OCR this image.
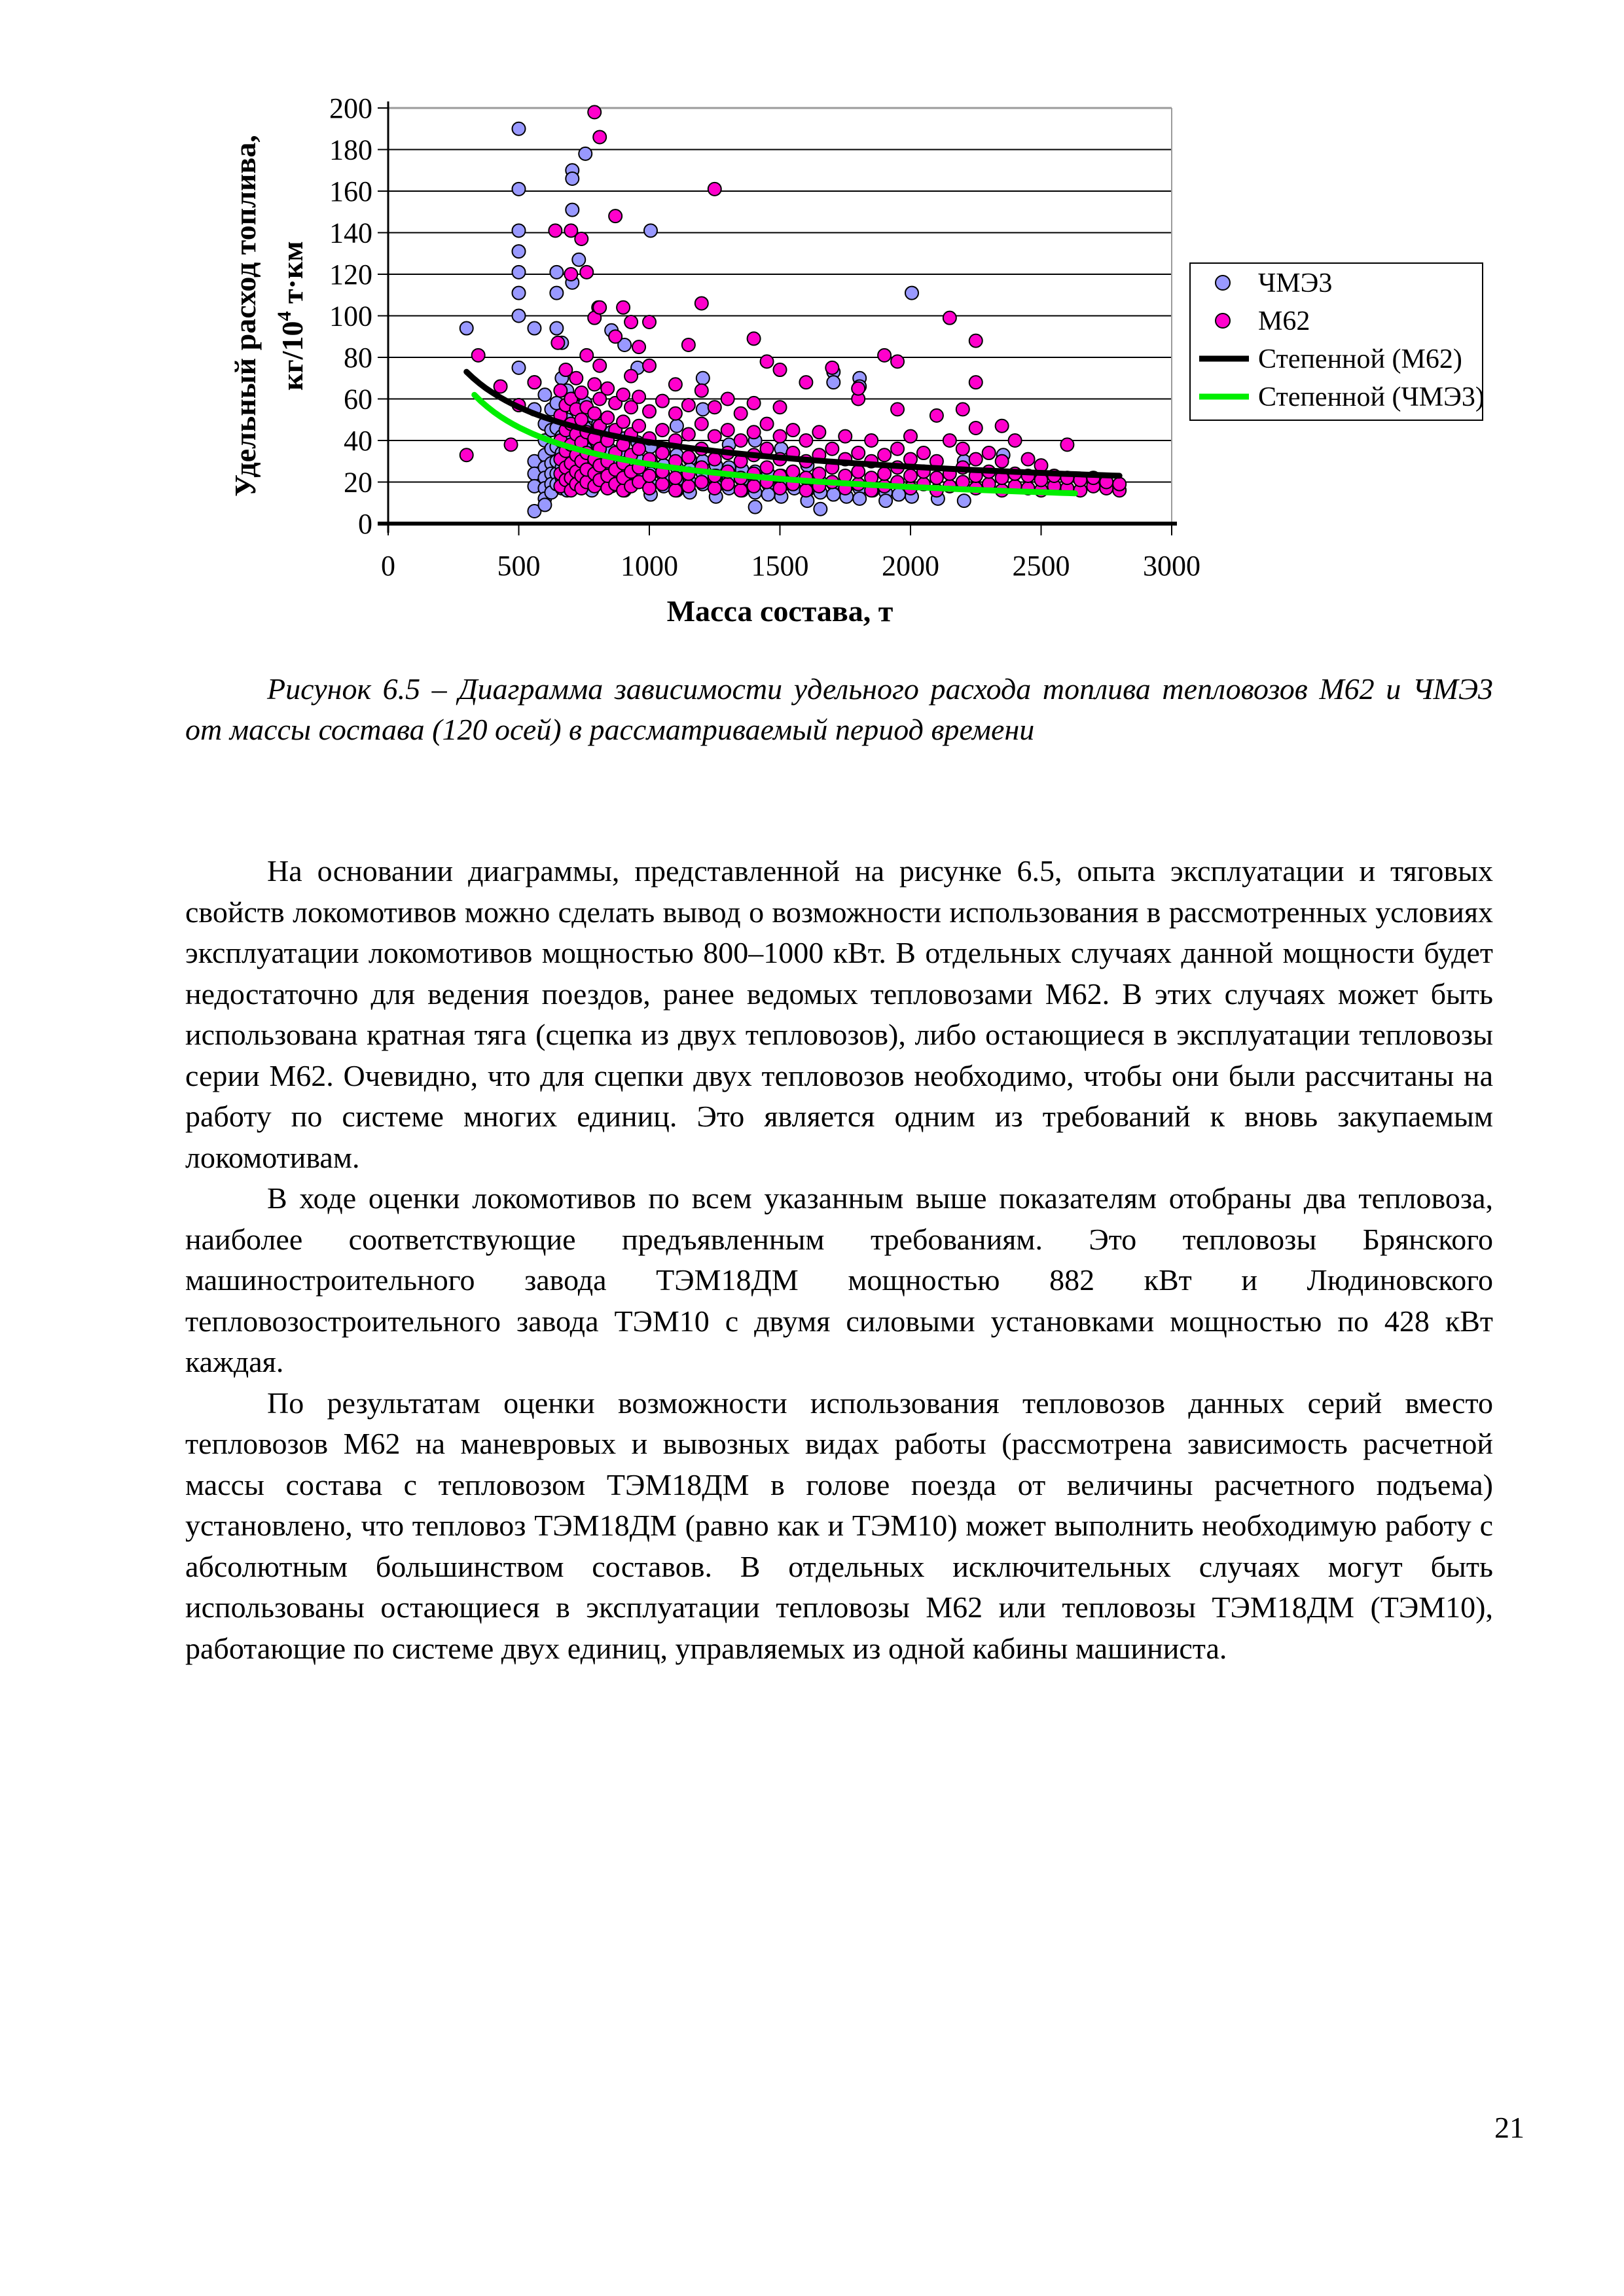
0
20
40
60
80
100
120
140
160
180
200
0	500	1000	1500	2000	2500	3000
ЧМЭ3
М62
Степенной (М62)
Степенной (ЧМЭ3)
Масса состава, т
Удельный расход топлива, $кг/10^4$ т·км

Рисунок 6.5 – Диаграмма зависимости удельного расхода топлива тепловозов М62 и ЧМЭ3 от массы состава (120 осей) в рассматриваемый период времени

На основании диаграммы, представленной на рисунке 6.5, опыта эксплуатации и тяговых свойств локомотивов можно сделать вывод о возможности использования в рассмотренных условиях эксплуатации локомотивов мощностью 800–1000 кВт. В отдельных случаях данной мощности будет недостаточно для ведения поездов, ранее ведомых тепловозами М62. В этих случаях может быть использована кратная тяга (сцепка из двух тепловозов), либо остающиеся в эксплуатации тепловозы серии М62. Очевидно, что для сцепки двух тепловозов необходимо, чтобы они были рассчитаны на работу по системе многих единиц. Это является одним из требований к вновь закупаемым локомотивам.

В ходе оценки локомотивов по всем указанным выше показателям отобраны два тепловоза, наиболее соответствующие предъявленным требованиям. Это тепловозы Брянского машиностроительного завода ТЭМ18ДМ мощностью 882 кВт и Людиновского тепловозостроительного завода ТЭМ10 с двумя силовыми установками мощностью по 428 кВт каждая.

По результатам оценки возможности использования тепловозов данных серий вместо тепловозов М62 на маневровых и вывозных видах работы (рассмотрена зависимость расчетной массы состава с тепловозом ТЭМ18ДМ в голове поезда от величины расчетного подъема) установлено, что тепловоз ТЭМ18ДМ (равно как и ТЭМ10) может выполнить необходимую работу с абсолютным большинством составов. В отдельных исключительных случаях могут быть использованы остающиеся в эксплуатации тепловозы М62 или тепловозы ТЭМ18ДМ (ТЭМ10), работающие по системе двух единиц, управляемых из одной кабины машиниста.

21
